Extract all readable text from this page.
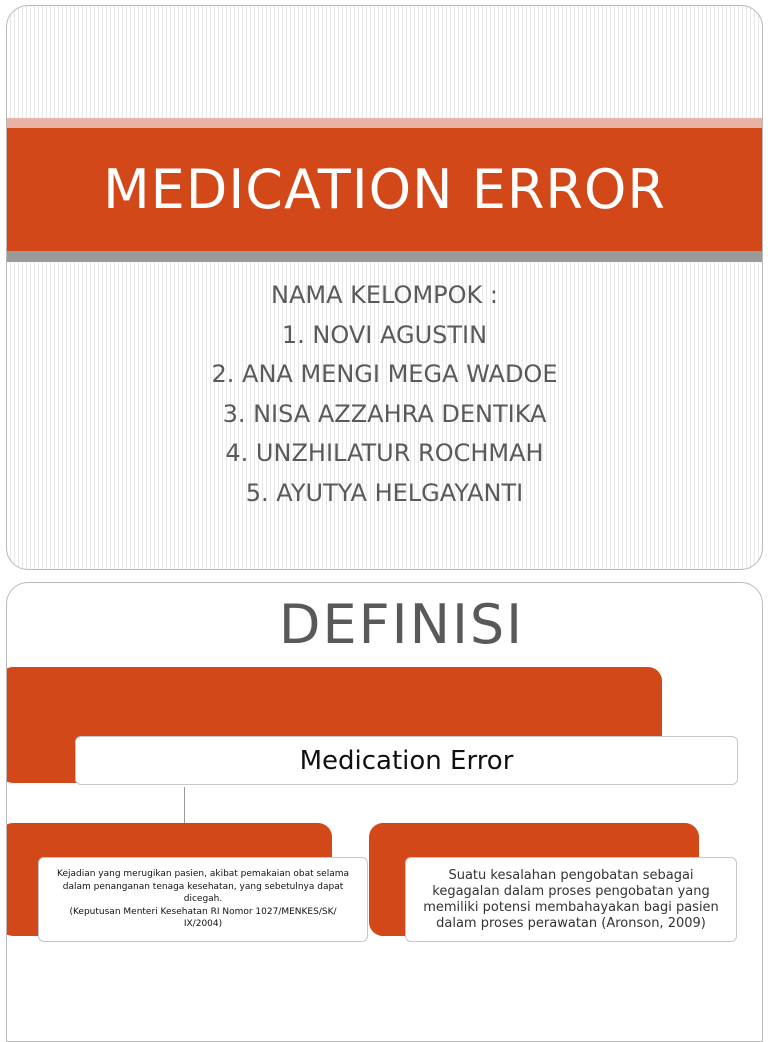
MEDICATION ERROR
NAMA KELOMPOK :
1. NOVI AGUSTIN
2. ANA MENGI MEGA WADOE
3. NISA AZZAHRA DENTIKA
4. UNZHILATUR ROCHMAH
5. AYUTYA HELGAYANTI
DEFINISI
Medication Error
Kejadian yang merugikan pasien, akibat pemakaian obat selama dalam penanganan tenaga kesehatan, yang sebetulnya dapat dicegah.
(Keputusan Menteri Kesehatan RI Nomor 1027/MENKES/SK/ IX/2004)
Suatu kesalahan pengobatan sebagai kegagalan dalam proses pengobatan yang memiliki potensi membahayakan bagi pasien dalam proses perawatan (Aronson, 2009)
